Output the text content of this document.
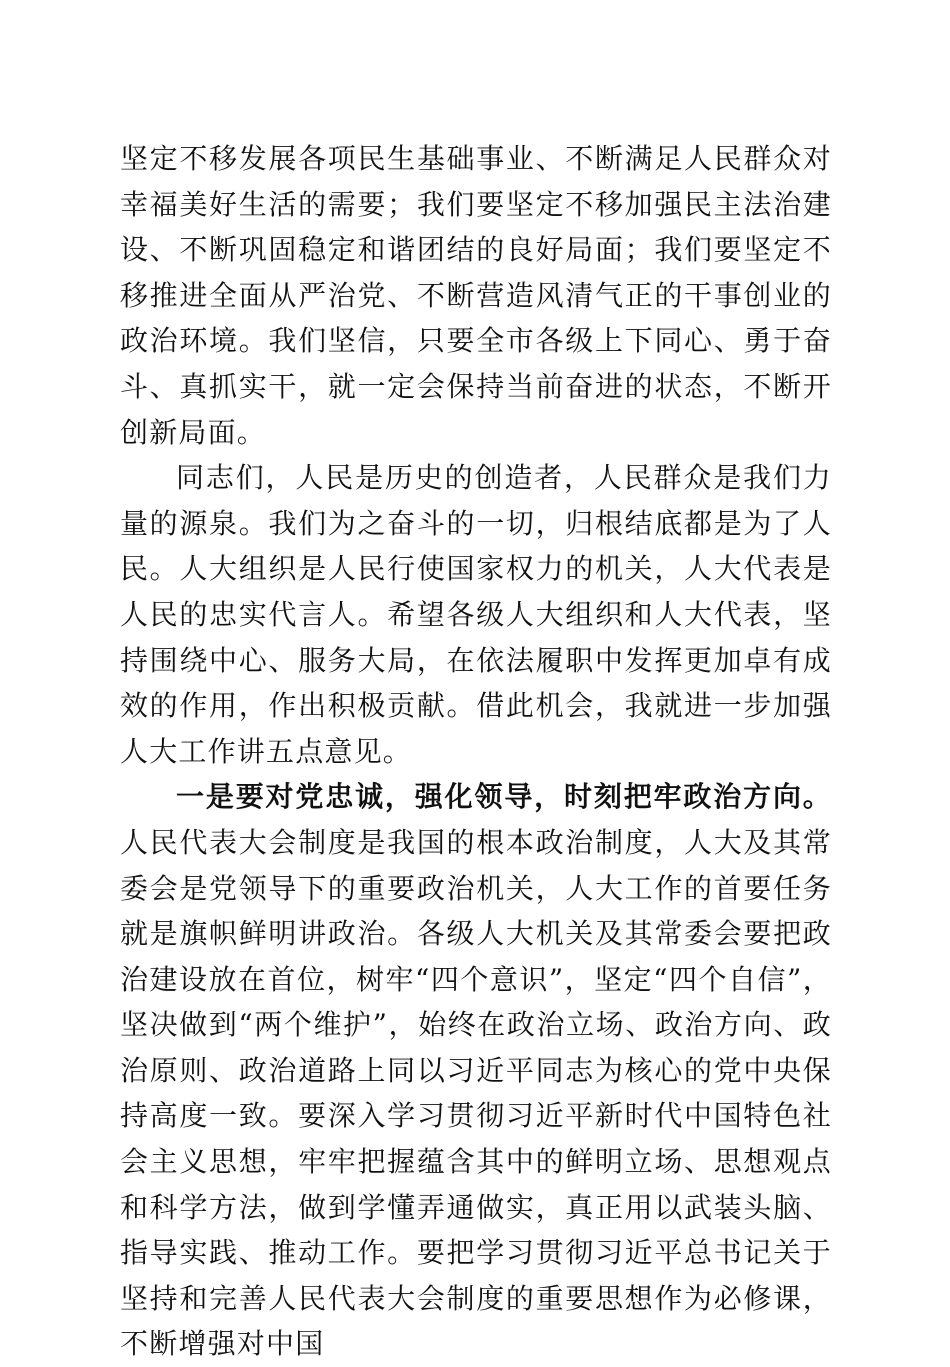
坚定不移发展各项民生基础事业、不断满足人民群众对幸福美好生活的需要；我们要坚定不移加强民主法治建设、不断巩固稳定和谐团结的良好局面；我们要坚定不移推进全面从严治党、不断营造风清气正的干事创业的政治环境。我们坚信，只要全市各级上下同心、勇于奋斗、真抓实干，就一定会保持当前奋进的状态，不断开创新局面。

同志们，人民是历史的创造者，人民群众是我们力量的源泉。我们为之奋斗的一切，归根结底都是为了人民。人大组织是人民行使国家权力的机关，人大代表是人民的忠实代言人。希望各级人大组织和人大代表，坚持围绕中心、服务大局，在依法履职中发挥更加卓有成效的作用，作出积极贡献。借此机会，我就进一步加强人大工作讲五点意见。

一是要对党忠诚，强化领导，时刻把牢政治方向。人民代表大会制度是我国的根本政治制度，人大及其常委会是党领导下的重要政治机关，人大工作的首要任务就是旗帜鲜明讲政治。各级人大机关及其常委会要把政治建设放在首位，树牢“四个意识”，坚定“四个自信”，坚决做到“两个维护”，始终在政治立场、政治方向、政治原则、政治道路上同以习近平同志为核心的党中央保持高度一致。要深入学习贯彻习近平新时代中国特色社会主义思想，牢牢把握蕴含其中的鲜明立场、思想观点和科学方法，做到学懂弄通做实，真正用以武装头脑、指导实践、推动工作。要把学习贯彻习近平总书记关于坚持和完善人民代表大会制度的重要思想作为必修课，不断增强对中国
